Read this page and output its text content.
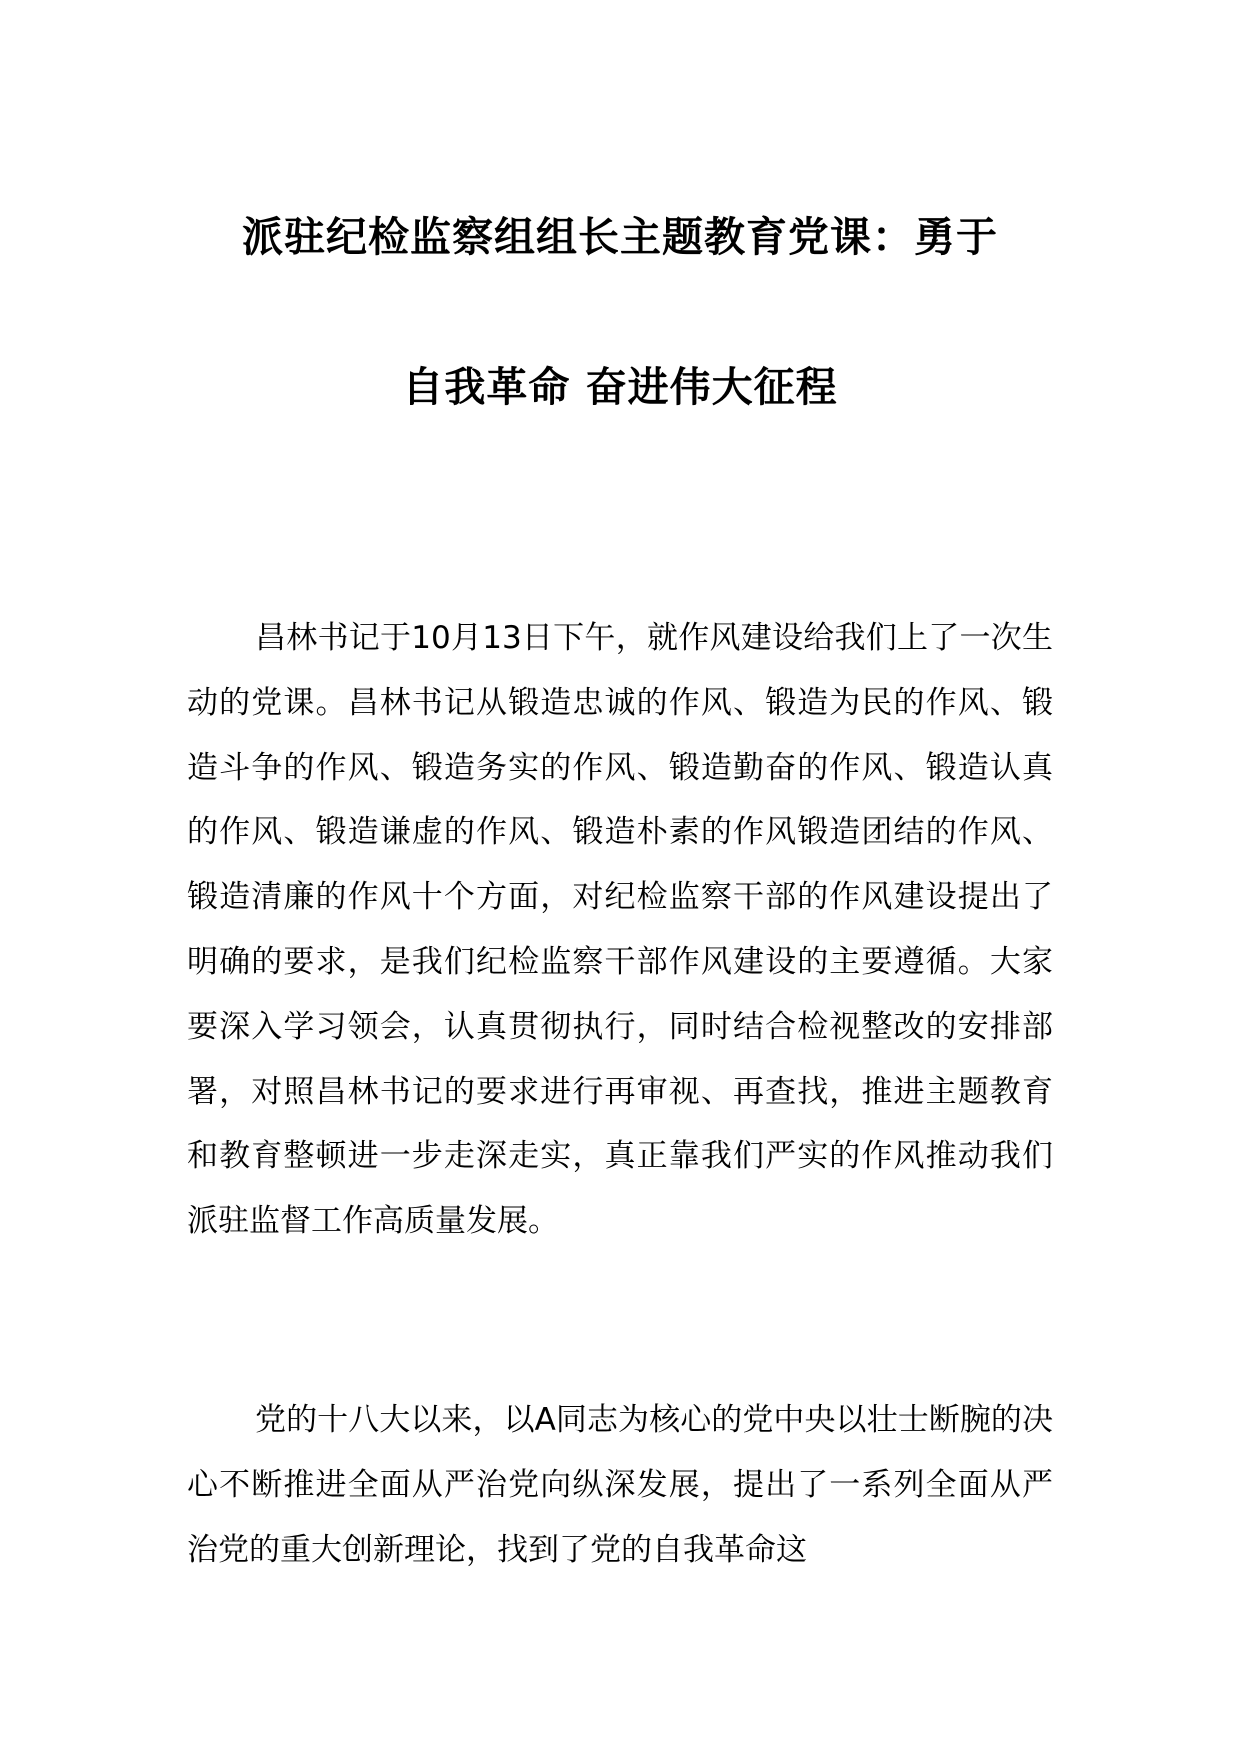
派驻纪检监察组组长主题教育党课：勇于
自我革命 奋进伟大征程

昌林书记于10月13日下午，就作风建设给我们上了一次生动的党课。昌林书记从锻造忠诚的作风、锻造为民的作风、锻造斗争的作风、锻造务实的作风、锻造勤奋的作风、锻造认真的作风、锻造谦虚的作风、锻造朴素的作风锻造团结的作风、锻造清廉的作风十个方面，对纪检监察干部的作风建设提出了明确的要求，是我们纪检监察干部作风建设的主要遵循。大家要深入学习领会，认真贯彻执行，同时结合检视整改的安排部署，对照昌林书记的要求进行再审视、再查找，推进主题教育和教育整顿进一步走深走实，真正靠我们严实的作风推动我们派驻监督工作高质量发展。

党的十八大以来，以A同志为核心的党中央以壮士断腕的决心不断推进全面从严治党向纵深发展，提出了一系列全面从严治党的重大创新理论，找到了党的自我革命这
